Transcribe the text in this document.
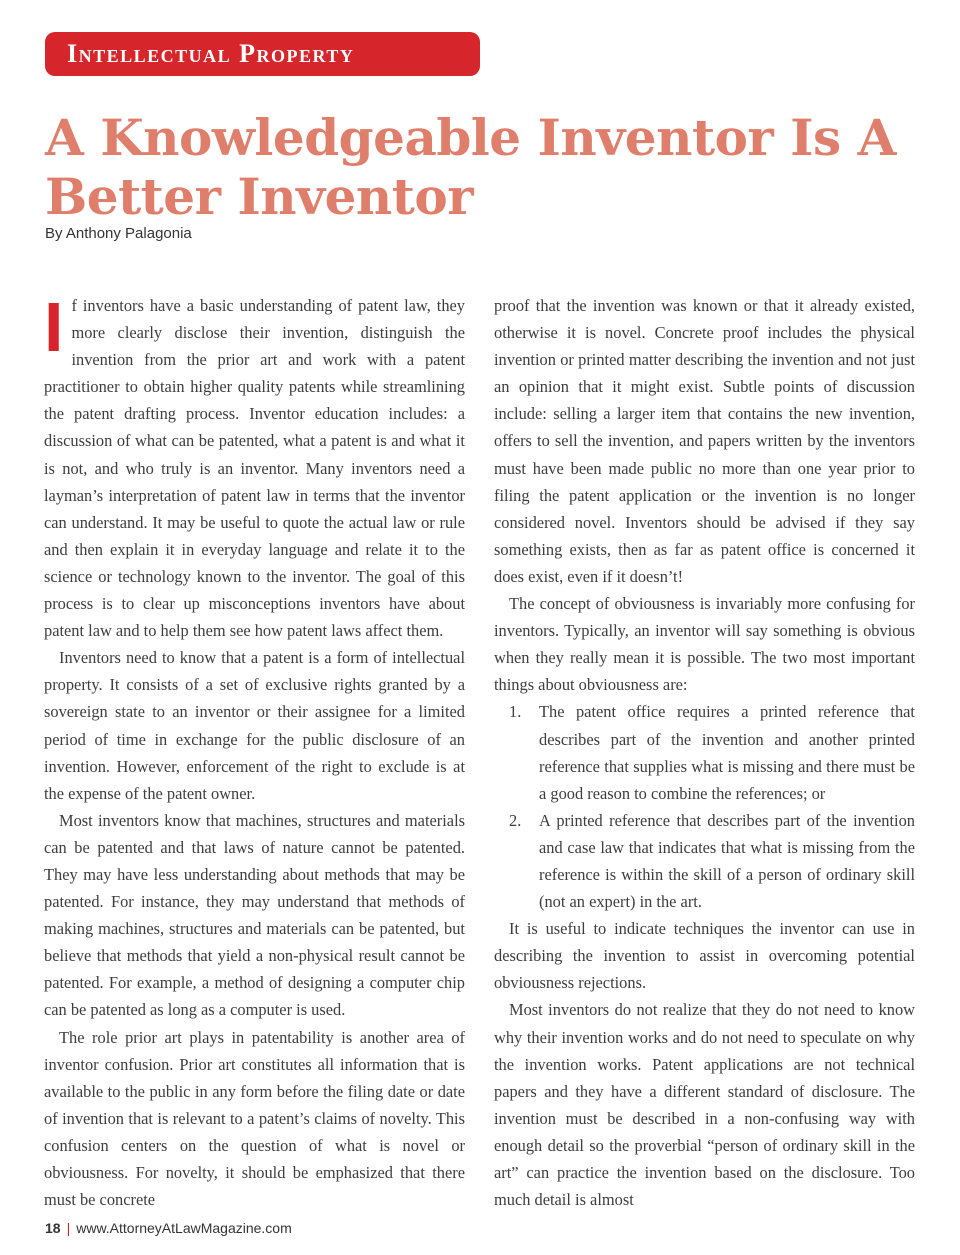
Intellectual Property
A Knowledgeable Inventor Is A Better Inventor
By Anthony Palagonia

If inventors have a basic understanding of patent law, they more clearly disclose their invention, distinguish the invention from the prior art and work with a patent practitioner to obtain higher quality patents while streamlining the patent drafting process. Inventor education includes: a discussion of what can be patented, what a patent is and what it is not, and who truly is an inventor. Many inventors need a layman’s interpretation of patent law in terms that the inventor can understand. It may be useful to quote the actual law or rule and then explain it in everyday language and relate it to the science or technology known to the inventor. The goal of this process is to clear up misconceptions inventors have about patent law and to help them see how patent laws affect them.

Inventors need to know that a patent is a form of intellectual property. It consists of a set of exclusive rights granted by a sovereign state to an inventor or their assignee for a limited period of time in exchange for the public disclosure of an invention. However, enforcement of the right to exclude is at the expense of the patent owner.

Most inventors know that machines, structures and materials can be patented and that laws of nature cannot be patented. They may have less understanding about methods that may be patented. For instance, they may understand that methods of making machines, structures and materials can be patented, but believe that methods that yield a non-physical result cannot be patented. For example, a method of designing a computer chip can be patented as long as a computer is used.

The role prior art plays in patentability is another area of inventor confusion. Prior art constitutes all information that is available to the public in any form before the filing date or date of invention that is relevant to a patent’s claims of novelty. This confusion centers on the question of what is novel or obviousness. For novelty, it should be emphasized that there must be concrete

proof that the invention was known or that it already existed, otherwise it is novel. Concrete proof includes the physical invention or printed matter describing the invention and not just an opinion that it might exist. Subtle points of discussion include: selling a larger item that contains the new invention, offers to sell the invention, and papers written by the inventors must have been made public no more than one year prior to filing the patent application or the invention is no longer considered novel. Inventors should be advised if they say something exists, then as far as patent office is concerned it does exist, even if it doesn’t!

The concept of obviousness is invariably more confusing for inventors. Typically, an inventor will say something is obvious when they really mean it is possible. The two most important things about obviousness are:

1. The patent office requires a printed reference that describes part of the invention and another printed reference that supplies what is missing and there must be a good reason to combine the references; or
2. A printed reference that describes part of the invention and case law that indicates that what is missing from the reference is within the skill of a person of ordinary skill (not an expert) in the art.

It is useful to indicate techniques the inventor can use in describing the invention to assist in overcoming potential obviousness rejections.

Most inventors do not realize that they do not need to know why their invention works and do not need to speculate on why the invention works. Patent applications are not technical papers and they have a different standard of disclosure. The invention must be described in a non-confusing way with enough detail so the proverbial “person of ordinary skill in the art” can practice the invention based on the disclosure. Too much detail is almost

18 | www.AttorneyAtLawMagazine.com
